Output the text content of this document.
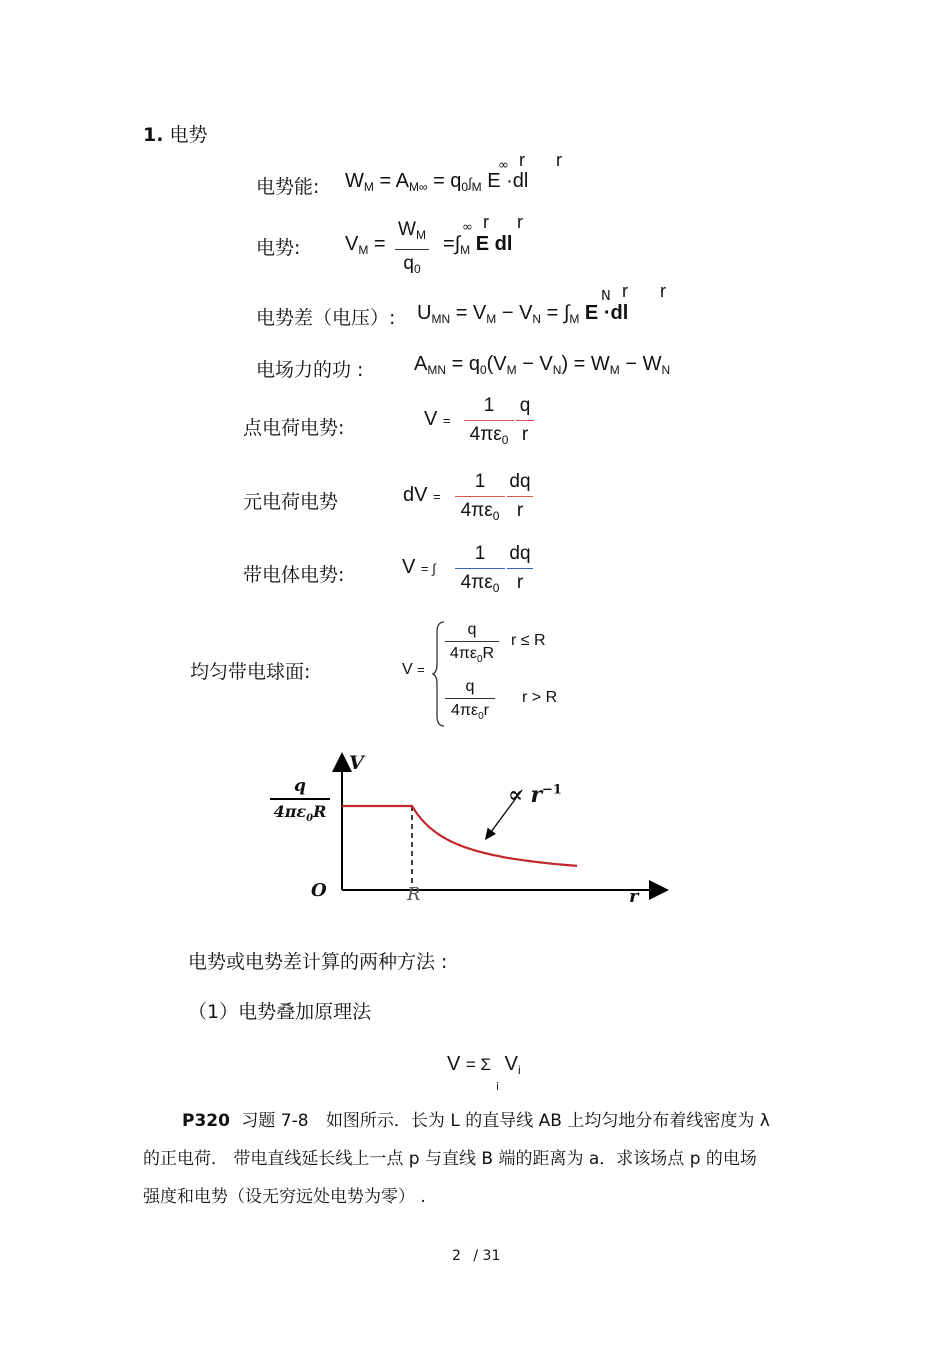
1. 电势
电势能: $W_M = A_{M\infty} = q_0\int_M$ E ·dl
∞ r r
电势: $V_M$ =
$W_M$
$q_0$
$=\int_M$ E dl
∞ r r
电势差（电压）: $U_{MN} = V_M - V_N = \int_M$ E ·dl
N r r
电场力的功 :	$A_{MN} = q_0(V_M - V_N) = W_M - W_N$
点电荷电势:	V =
1
$4\pi\varepsilon_0$
q
r
元电荷电势	dV =
1
$4\pi\varepsilon_0$
dq
r
带电体电势:	V = ∫
1
$4\pi\varepsilon_0$
dq
r
均匀带电球面:	V =
q
$4\pi\varepsilon_0R$
r ≤ R
q
$4\pi\varepsilon_0r$
r > R
V
r
O	R
q
$4\pi\varepsilon_0R$
∝ $r^{-1}$
电势或电势差计算的两种方法 :
（1）电势叠加原理法
V = Σ $V_i$
i
P320 习题 7-8 如图所示．长为 L 的直导线 AB 上均匀地分布着线密度为 λ
的正电荷． 带电直线延长线上一点 p 与直线 B 端的距离为 a．求该场点 p 的电场
强度和电势（设无穷远处电势为零） .
2 / 31
